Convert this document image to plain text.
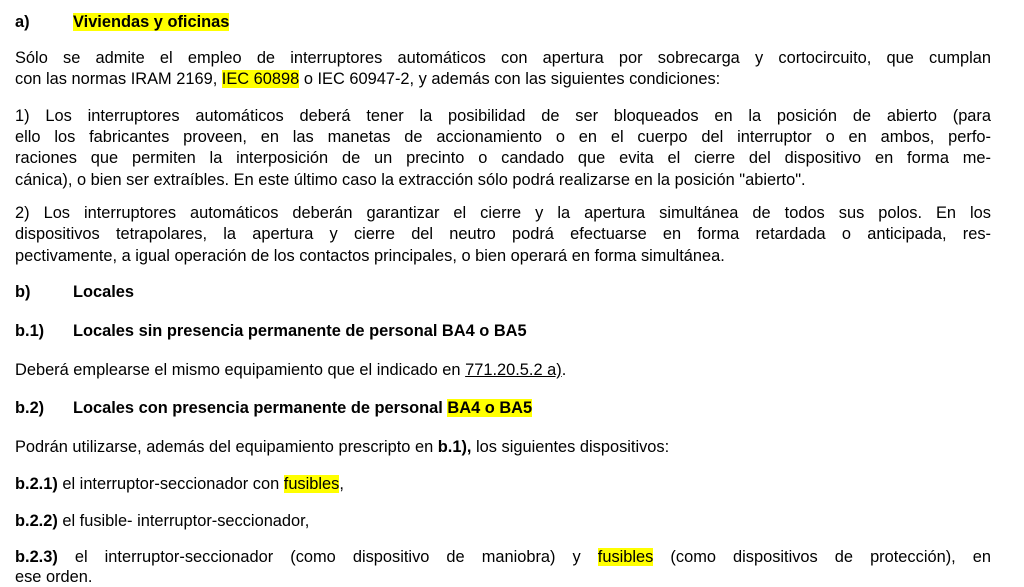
a)	Viviendas y oficinas
Sólo se admite el empleo de interruptores automáticos con apertura por sobrecarga y cortocircuito, que cumplan
con las normas IRAM 2169, IEC 60898 o IEC 60947-2, y además con las siguientes condiciones:
1) Los interruptores automáticos deberá tener la posibilidad de ser bloqueados en la posición de abierto (para
ello los fabricantes proveen, en las manetas de accionamiento o en el cuerpo del interruptor o en ambos, perfo-
raciones que permiten la interposición de un precinto o candado que evita el cierre del dispositivo en forma me-
cánica), o bien ser extraíbles. En este último caso la extracción sólo podrá realizarse en la posición "abierto".
2) Los interruptores automáticos deberán garantizar el cierre y la apertura simultánea de todos sus polos. En los
dispositivos tetrapolares, la apertura y cierre del neutro podrá efectuarse en forma retardada o anticipada, res-
pectivamente, a igual operación de los contactos principales, o bien operará en forma simultánea.
b)	Locales
b.1) Locales sin presencia permanente de personal BA4 o BA5
Deberá emplearse el mismo equipamiento que el indicado en 771.20.5.2 a).
b.2) Locales con presencia permanente de personal BA4 o BA5
Podrán utilizarse, además del equipamiento prescripto en b.1), los siguientes dispositivos:
b.2.1) el interruptor-seccionador con fusibles,
b.2.2) el fusible- interruptor-seccionador,
b.2.3) el interruptor-seccionador (como dispositivo de maniobra) y fusibles (como dispositivos de protección), en
ese orden.
